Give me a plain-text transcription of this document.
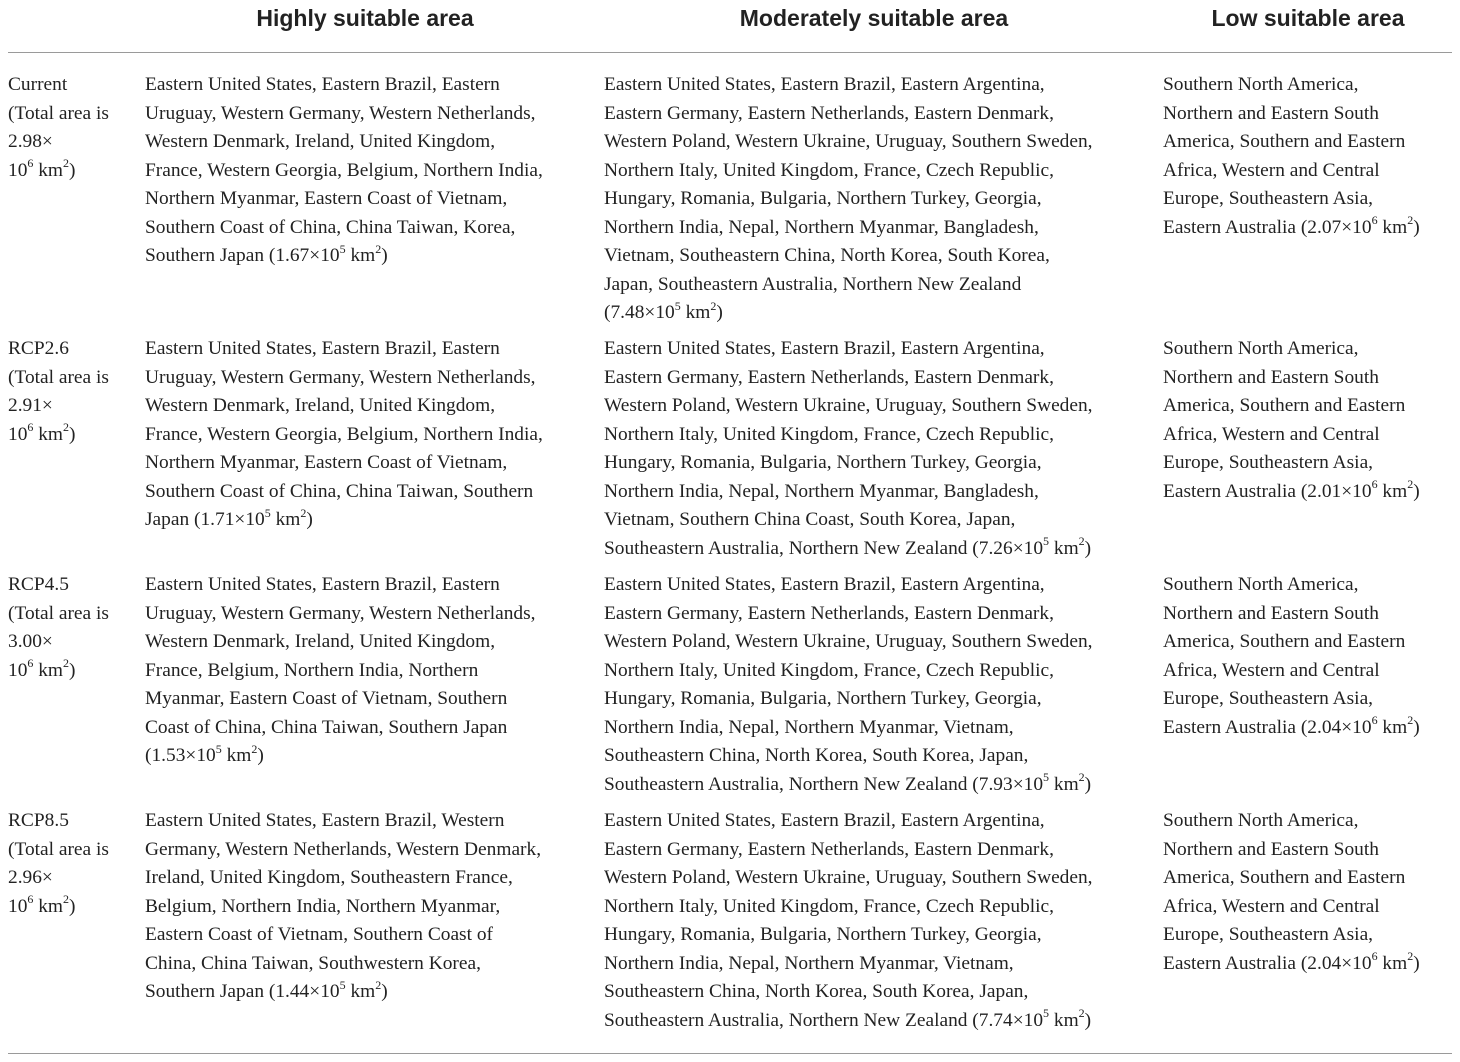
Highly suitable area	Moderately suitable area	Low suitable area
Current
(Total area is
2.98×
$10^6$ $km^2$)
Eastern United States, Eastern Brazil, Eastern
Uruguay, Western Germany, Western Netherlands,
Western Denmark, Ireland, United Kingdom,
France, Western Georgia, Belgium, Northern India,
Northern Myanmar, Eastern Coast of Vietnam,
Southern Coast of China, China Taiwan, Korea,
Southern Japan ($1.67\times 10^5$ $km^2$)
Eastern United States, Eastern Brazil, Eastern Argentina,
Eastern Germany, Eastern Netherlands, Eastern Denmark,
Western Poland, Western Ukraine, Uruguay, Southern Sweden,
Northern Italy, United Kingdom, France, Czech Republic,
Hungary, Romania, Bulgaria, Northern Turkey, Georgia,
Northern India, Nepal, Northern Myanmar, Bangladesh,
Vietnam, Southeastern China, North Korea, South Korea,
Japan, Southeastern Australia, Northern New Zealand
($7.48\times 10^5$ $km^2$)
Southern North America,
Northern and Eastern South
America, Southern and Eastern
Africa, Western and Central
Europe, Southeastern Asia,
Eastern Australia ($2.07\times 10^6$ $km^2$)
RCP2.6
(Total area is
2.91×
$10^6$ $km^2$)
Eastern United States, Eastern Brazil, Eastern
Uruguay, Western Germany, Western Netherlands,
Western Denmark, Ireland, United Kingdom,
France, Western Georgia, Belgium, Northern India,
Northern Myanmar, Eastern Coast of Vietnam,
Southern Coast of China, China Taiwan, Southern
Japan ($1.71\times 10^5$ $km^2$)
Eastern United States, Eastern Brazil, Eastern Argentina,
Eastern Germany, Eastern Netherlands, Eastern Denmark,
Western Poland, Western Ukraine, Uruguay, Southern Sweden,
Northern Italy, United Kingdom, France, Czech Republic,
Hungary, Romania, Bulgaria, Northern Turkey, Georgia,
Northern India, Nepal, Northern Myanmar, Bangladesh,
Vietnam, Southern China Coast, South Korea, Japan,
Southeastern Australia, Northern New Zealand ($7.26\times 10^5$ $km^2$)
Southern North America,
Northern and Eastern South
America, Southern and Eastern
Africa, Western and Central
Europe, Southeastern Asia,
Eastern Australia ($2.01\times 10^6$ $km^2$)
RCP4.5
(Total area is
3.00×
$10^6$ $km^2$)
Eastern United States, Eastern Brazil, Eastern
Uruguay, Western Germany, Western Netherlands,
Western Denmark, Ireland, United Kingdom,
France, Belgium, Northern India, Northern
Myanmar, Eastern Coast of Vietnam, Southern
Coast of China, China Taiwan, Southern Japan
($1.53\times 10^5$ $km^2$)
Eastern United States, Eastern Brazil, Eastern Argentina,
Eastern Germany, Eastern Netherlands, Eastern Denmark,
Western Poland, Western Ukraine, Uruguay, Southern Sweden,
Northern Italy, United Kingdom, France, Czech Republic,
Hungary, Romania, Bulgaria, Northern Turkey, Georgia,
Northern India, Nepal, Northern Myanmar, Vietnam,
Southeastern China, North Korea, South Korea, Japan,
Southeastern Australia, Northern New Zealand ($7.93\times 10^5$ $km^2$)
Southern North America,
Northern and Eastern South
America, Southern and Eastern
Africa, Western and Central
Europe, Southeastern Asia,
Eastern Australia ($2.04\times 10^6$ $km^2$)
RCP8.5
(Total area is
2.96×
$10^6$ $km^2$)
Eastern United States, Eastern Brazil, Western
Germany, Western Netherlands, Western Denmark,
Ireland, United Kingdom, Southeastern France,
Belgium, Northern India, Northern Myanmar,
Eastern Coast of Vietnam, Southern Coast of
China, China Taiwan, Southwestern Korea,
Southern Japan ($1.44\times 10^5$ $km^2$)
Eastern United States, Eastern Brazil, Eastern Argentina,
Eastern Germany, Eastern Netherlands, Eastern Denmark,
Western Poland, Western Ukraine, Uruguay, Southern Sweden,
Northern Italy, United Kingdom, France, Czech Republic,
Hungary, Romania, Bulgaria, Northern Turkey, Georgia,
Northern India, Nepal, Northern Myanmar, Vietnam,
Southeastern China, North Korea, South Korea, Japan,
Southeastern Australia, Northern New Zealand ($7.74\times 10^5$ $km^2$)
Southern North America,
Northern and Eastern South
America, Southern and Eastern
Africa, Western and Central
Europe, Southeastern Asia,
Eastern Australia ($2.04\times 10^6$ $km^2$)
